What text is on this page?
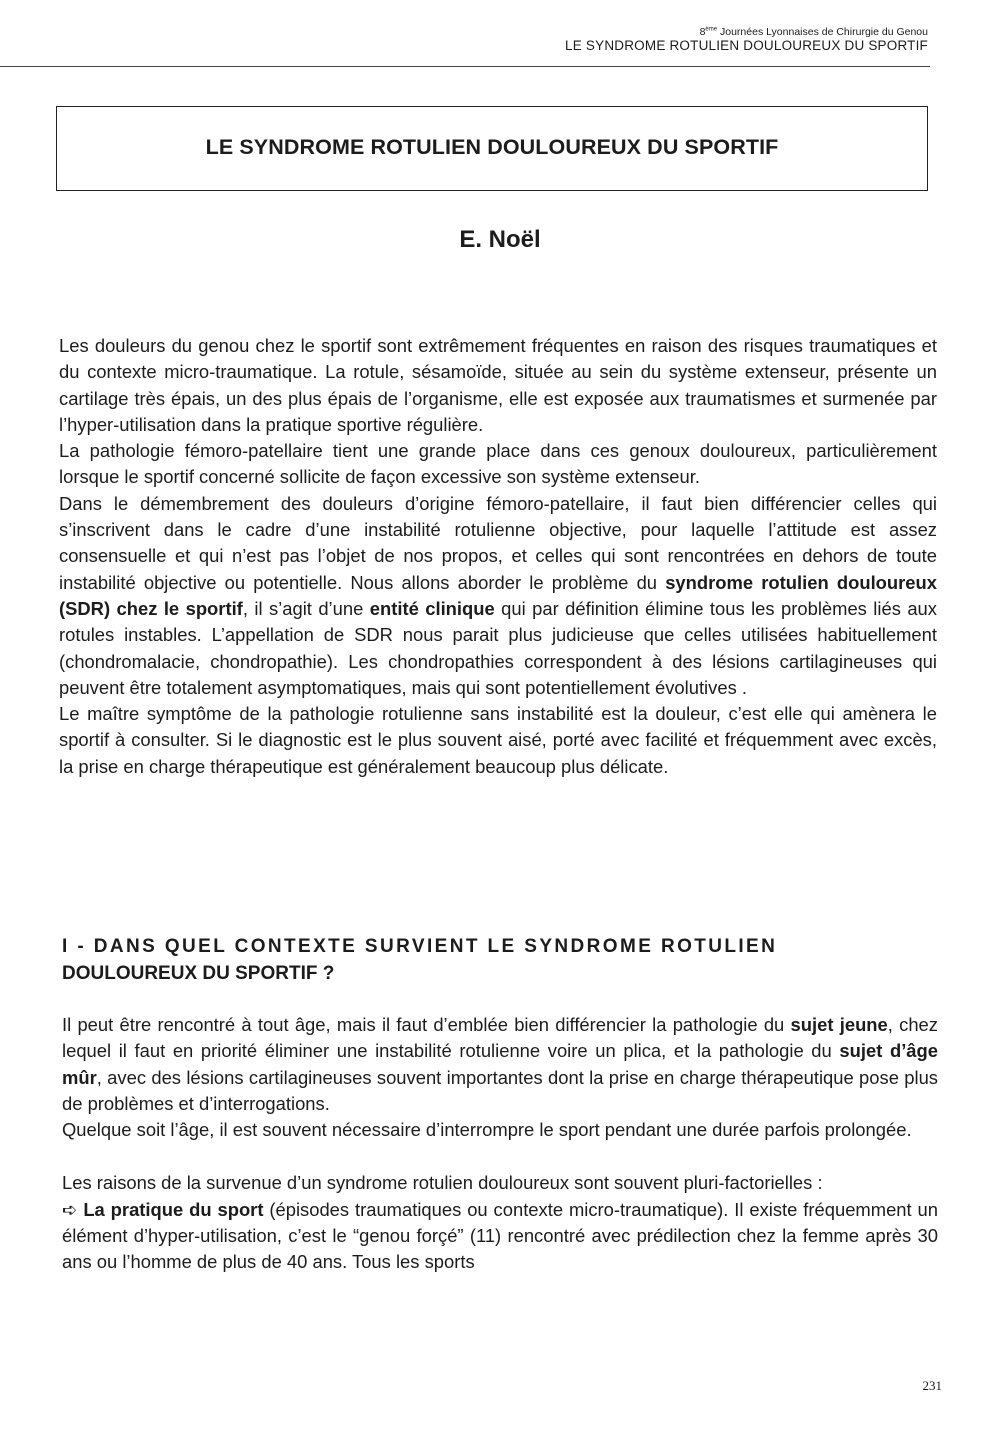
8ème Journées Lyonnaises de Chirurgie du Genou
LE SYNDROME ROTULIEN DOULOUREUX DU SPORTIF
LE SYNDROME ROTULIEN DOULOUREUX DU SPORTIF
E. Noël

Les douleurs du genou chez le sportif sont extrêmement fréquentes en raison des risques traumatiques et du contexte micro-traumatique. La rotule, sésamoïde, située au sein du système extenseur, présente un cartilage très épais, un des plus épais de l’organisme, elle est exposée aux traumatismes et surmenée par l’hyper-utilisation dans la pratique sportive régulière.

La pathologie fémoro-patellaire tient une grande place dans ces genoux douloureux, particulièrement lorsque le sportif concerné sollicite de façon excessive son système extenseur.

Dans le démembrement des douleurs d’origine fémoro-patellaire, il faut bien différencier celles qui s’inscrivent dans le cadre d’une instabilité rotulienne objective, pour laquelle l’attitude est assez consensuelle et qui n’est pas l’objet de nos propos, et celles qui sont rencontrées en dehors de toute instabilité objective ou potentielle. Nous allons aborder le problème du syndrome rotulien douloureux (SDR) chez le sportif, il s’agit d’une entité clinique qui par définition élimine tous les problèmes liés aux rotules instables. L’appellation de SDR nous parait plus judicieuse que celles utilisées habituellement (chondromalacie, chondropathie). Les chondropathies correspondent à des lésions cartilagineuses qui peuvent être totalement asymptomatiques, mais qui sont potentiellement évolutives .

Le maître symptôme de la pathologie rotulienne sans instabilité est la douleur, c’est elle qui amènera le sportif à consulter. Si le diagnostic est le plus souvent aisé, porté avec facilité et fréquemment avec excès, la prise en charge thérapeutique est généralement beaucoup plus délicate.

I - DANS QUEL CONTEXTE SURVIENT LE SYNDROME ROTULIEN
DOULOUREUX DU SPORTIF ?

Il peut être rencontré à tout âge, mais il faut d’emblée bien différencier la pathologie du sujet jeune, chez lequel il faut en priorité éliminer une instabilité rotulienne voire un plica, et la pathologie du sujet d’âge mûr, avec des lésions cartilagineuses souvent importantes dont la prise en charge thérapeutique pose plus de problèmes et d’interrogations.

Quelque soit l’âge, il est souvent nécessaire d’interrompre le sport pendant une durée parfois prolongée.

Les raisons de la survenue d’un syndrome rotulien douloureux sont souvent pluri-factorielles :

➪ La pratique du sport (épisodes traumatiques ou contexte micro-traumatique). Il existe fréquemment un élément d’hyper-utilisation, c’est le “genou forçé” (11) rencontré avec prédilection chez la femme après 30 ans ou l’homme de plus de 40 ans. Tous les sports

231
